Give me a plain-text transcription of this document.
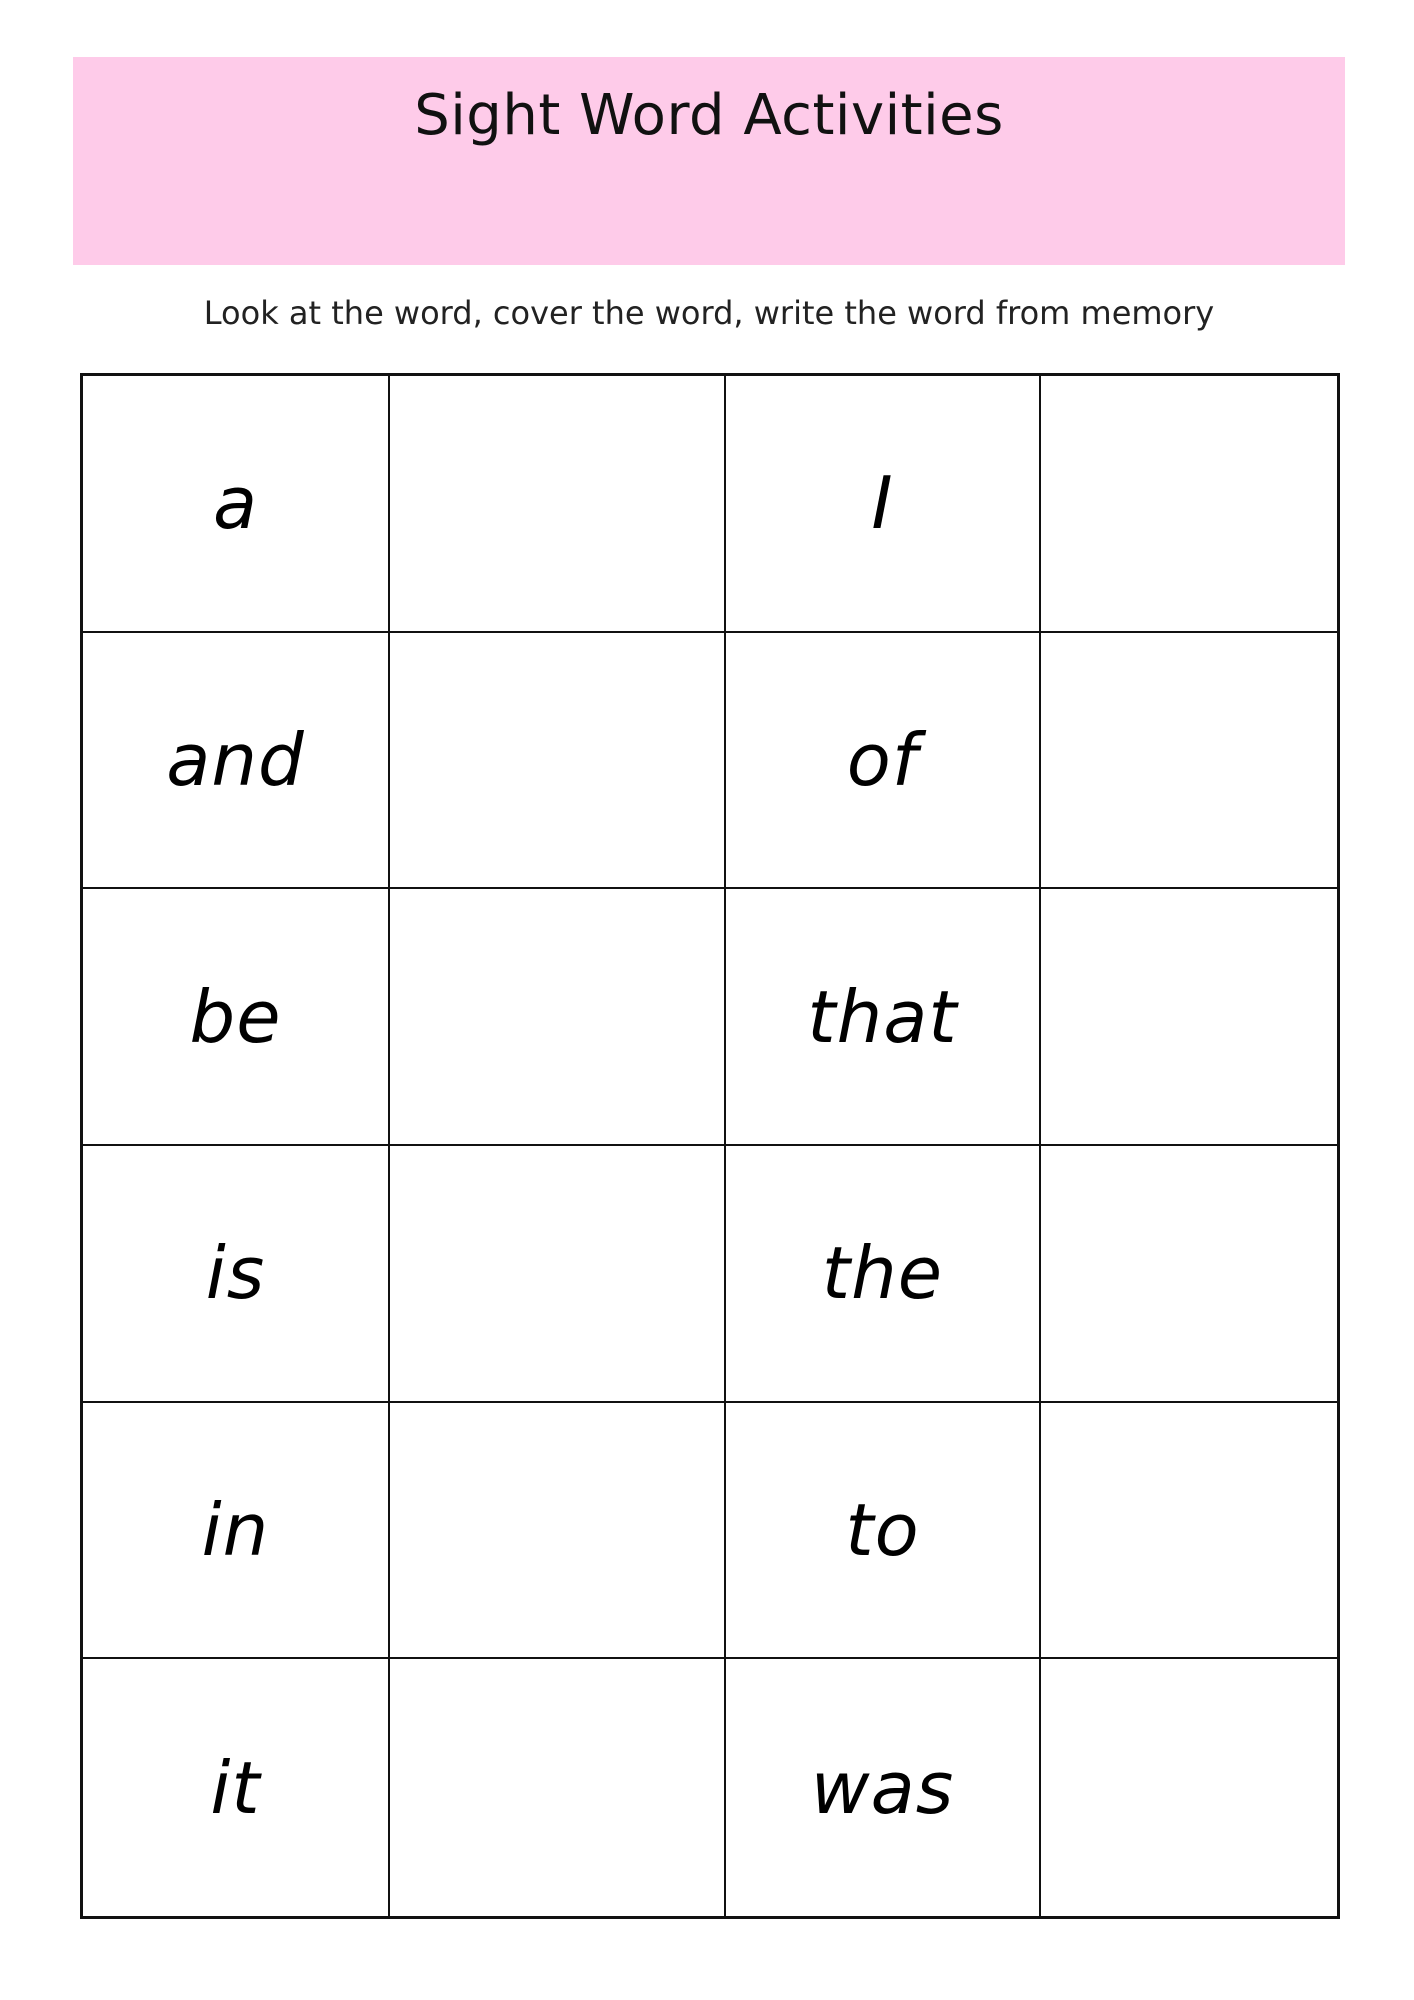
Sight Word Activities

Look at the word, cover the word, write the word from memory

a	I
and	of
be	that
is	the
in	to
it	was
